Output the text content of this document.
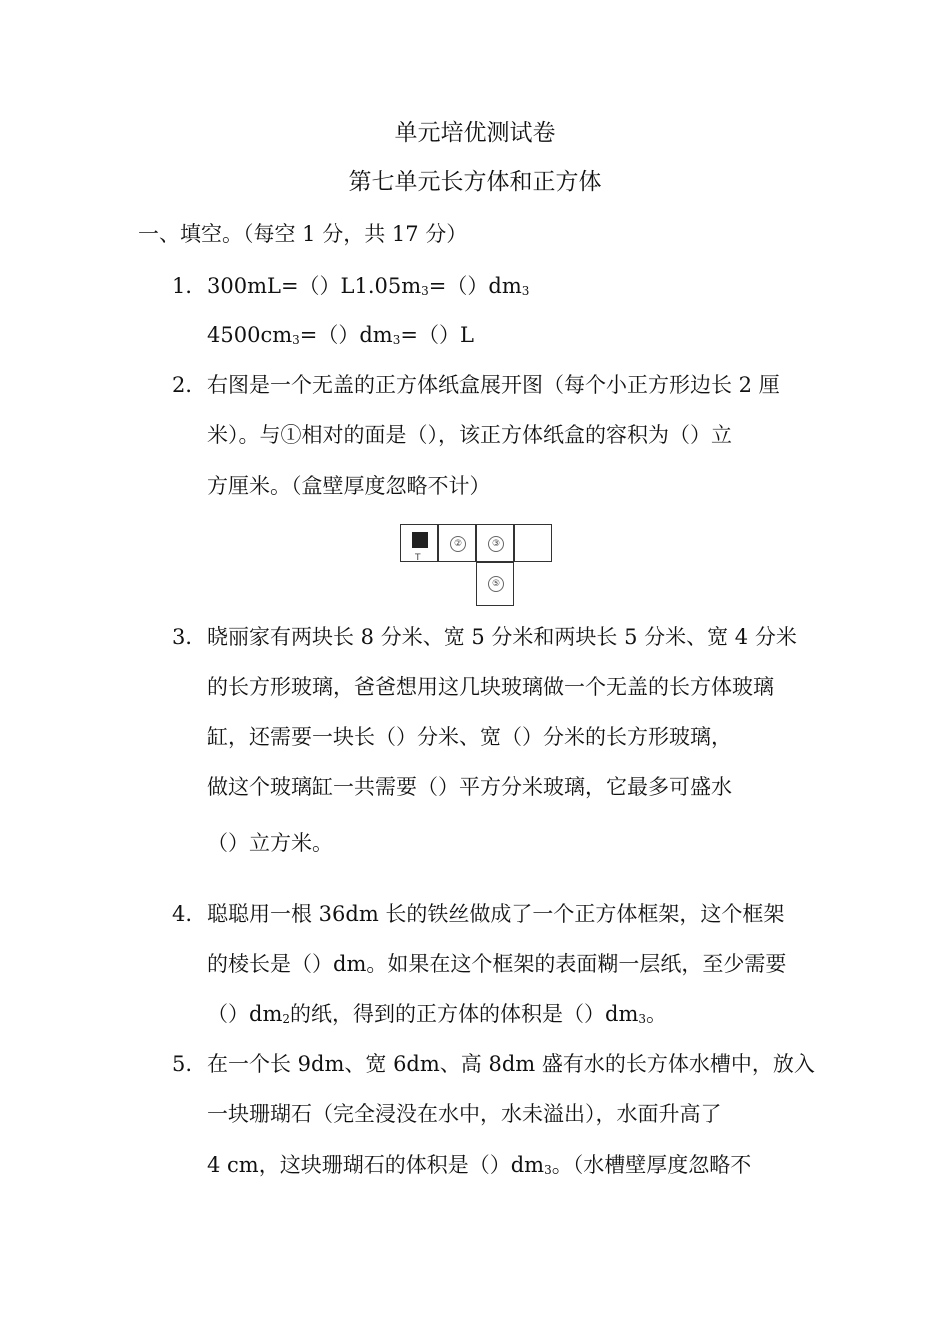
单元培优测试卷
第七单元长方体和正方体
一、填空。（每空 1 分，共 17 分）
1． $300mL=()L1.05m_3=()dm_3$
$4500cm_3=()dm_3=()L$
2． 右图是一个无盖的正方体纸盒展开图（每个小正方形边长 2 厘
米）。与①相对的面是（），该正方体纸盒的容积为（）立
方厘米。（盒壁厚度忽略不计）
T
②	③
⑤
3． 晓丽家有两块长 8 分米、宽 5 分米和两块长 5 分米、宽 4 分米
的长方形玻璃，爸爸想用这几块玻璃做一个无盖的长方体玻璃
缸，还需要一块长（）分米、宽（）分米的长方形玻璃，
做这个玻璃缸一共需要（）平方分米玻璃，它最多可盛水
（）立方米。
4. 聪聪用一根 36dm 长的铁丝做成了一个正方体框架，这个框架
的棱长是（）dm。如果在这个框架的表面糊一层纸，至少需要
$()dm_2$的纸，得到的正方体的体积是$()dm_3$。
5. 在一个长 9dm、宽 6dm、高 8dm 盛有水的长方体水槽中，放入
一块珊瑚石（完全浸没在水中，水未溢出），水面升高了
4 cm，这块珊瑚石的体积是$()dm_3$。（水槽壁厚度忽略不
